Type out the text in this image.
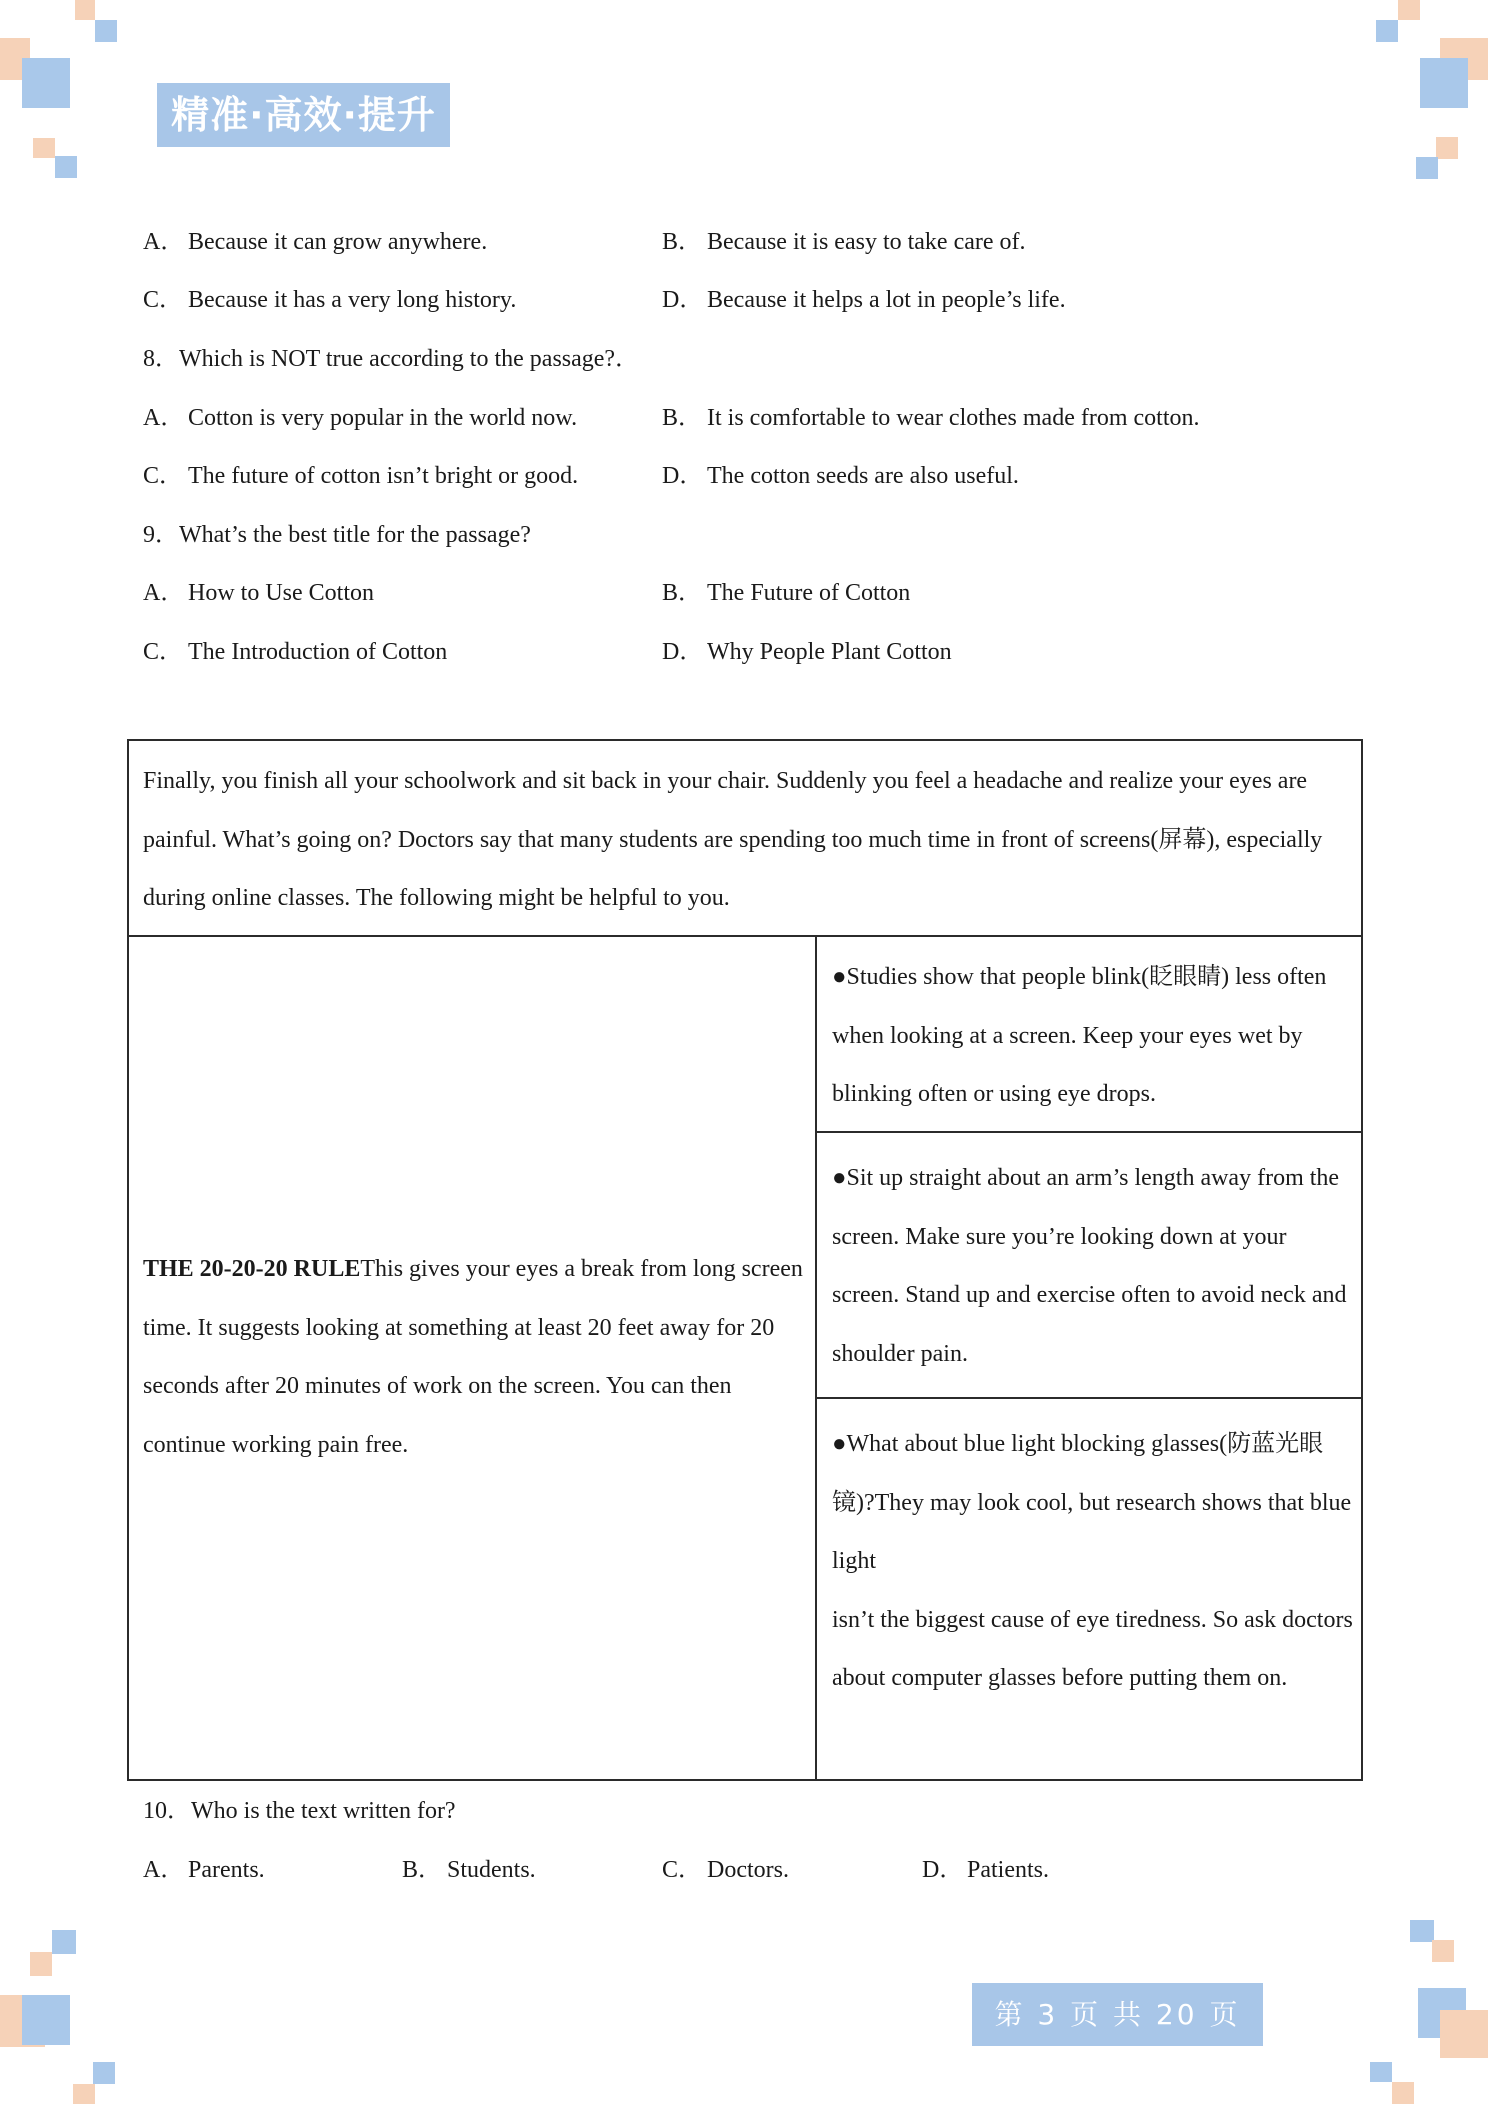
精准·高效·提升
A． Because it can grow anywhere.	B． Because it is easy to take care of.
C． Because it has a very long history.	D． Because it helps a lot in people’s life.
8．Which is NOT true according to the passage?．
A． Cotton is very popular in the world now.	B． It is comfortable to wear clothes made from cotton.
C． The future of cotton isn’t bright or good.	D． The cotton seeds are also useful.
9．What’s the best title for the passage?
A． How to Use Cotton	B． The Future of Cotton
C． The Introduction of Cotton	D． Why People Plant Cotton
Finally, you finish all your schoolwork and sit back in your chair. Suddenly you feel a headache and realize your eyes are painful. What’s going on? Doctors say that many students are spending too much time in front of screens(屏幕), especially during online classes. The following might be helpful to you.
THE 20-20-20 RULEThis gives your eyes a break from long screen time. It suggests looking at something at least 20 feet away for 20 seconds after 20 minutes of work on the screen. You can then continue working pain free.
●Studies show that people blink(眨眼睛) less often when looking at a screen. Keep your eyes wet by blinking often or using eye drops.
●Sit up straight about an arm’s length away from the screen. Make sure you’re looking down at your screen. Stand up and exercise often to avoid neck and shoulder pain.
●What about blue light blocking glasses(防蓝光眼镜)?They may look cool, but research shows that blue light
isn’t the biggest cause of eye tiredness. So ask doctors about computer glasses before putting them on.
10．Who is the text written for?
A． Parents.	B． Students.	C． Doctors.	D． Patients.
第 3 页 共 20 页
